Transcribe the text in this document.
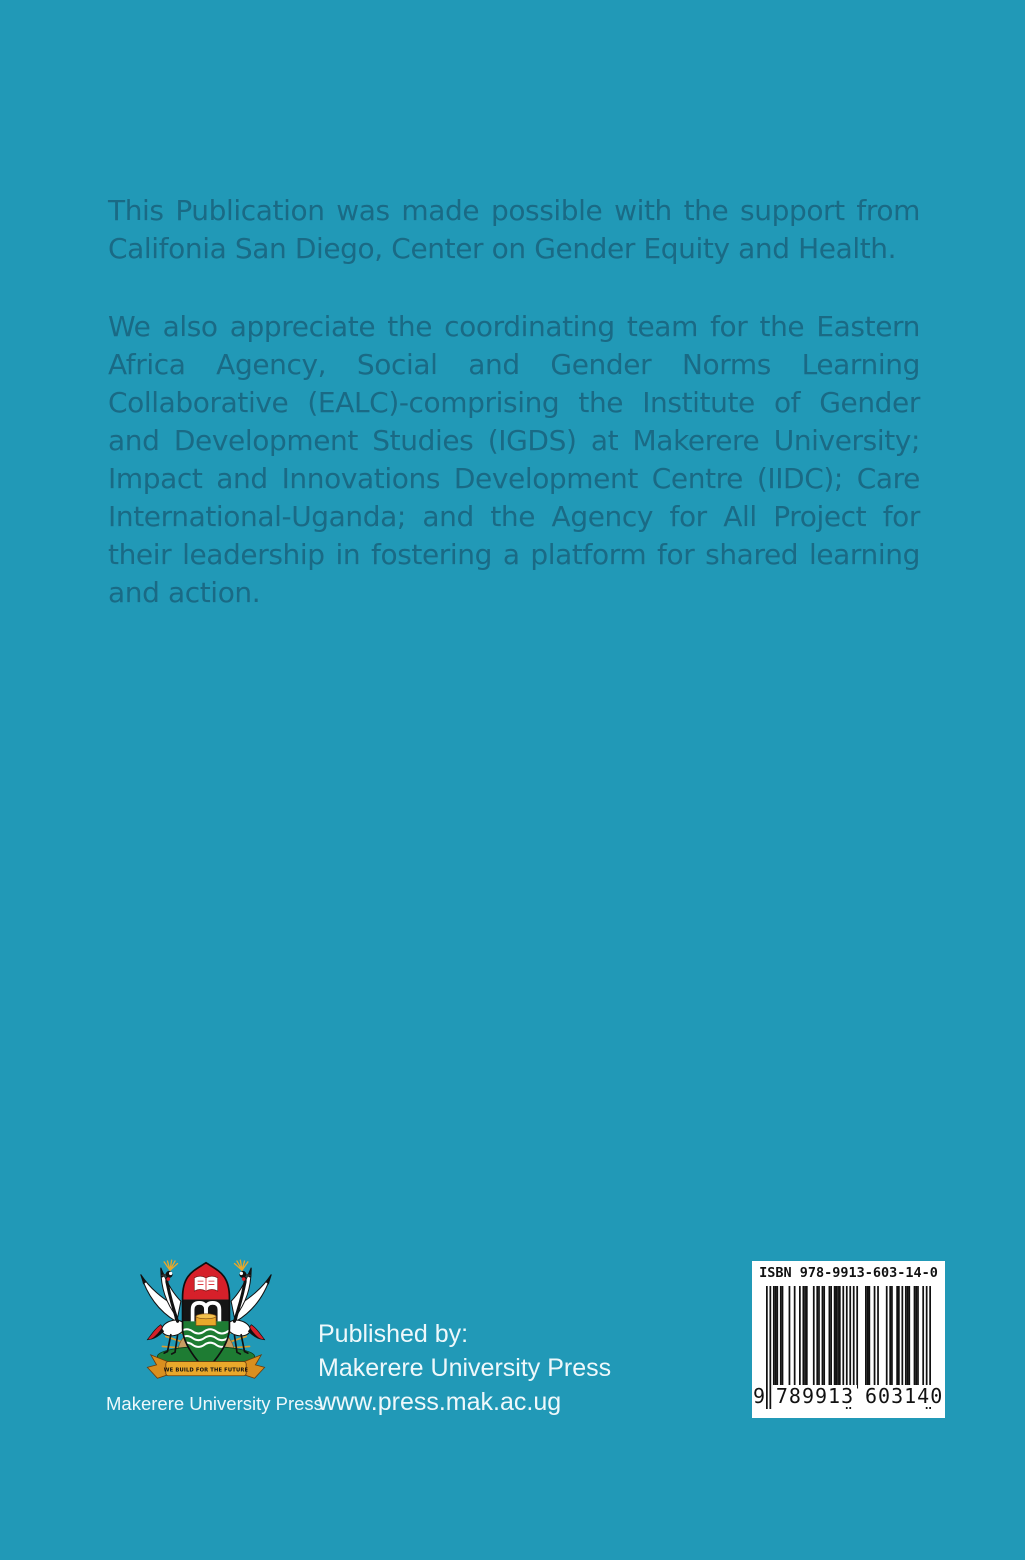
This Publication was made possible with the support from Califonia San Diego, Center on Gender Equity and Health.

We also appreciate the coordinating team for the Eastern Africa Agency, Social and Gender Norms Learning Collaborative (EALC)-comprising the Institute of Gender and Development Studies (IGDS) at Makerere University; Impact and Innovations Development Centre (IIDC); Care International-Uganda; and the Agency for All Project for their leadership in fostering a platform for shared learning and action.

WE BUILD FOR THE FUTURE
Makerere University Press
Published by:
Makerere University Press
www.press.mak.ac.ug
ISBN 978-9913-603-14-0
9 789913 603140
